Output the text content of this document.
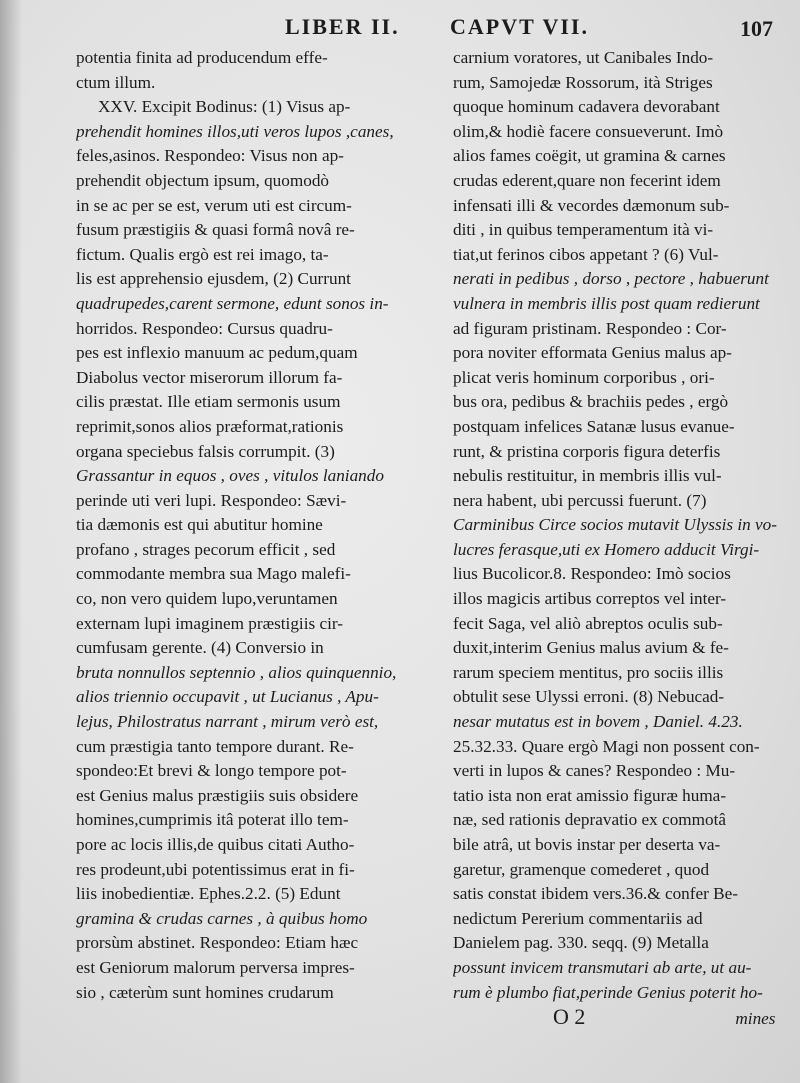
LIBER II. CAPVT VII.	107
potentia finita ad producendum effe-
ctum illum.
XXV. Excipit Bodinus: (1) Visus ap-
prehendit homines illos,uti veros lupos ,canes,
feles,asinos. Respondeo: Visus non ap-
prehendit objectum ipsum, quomodò
in se ac per se est, verum uti est circum-
fusum præstigiis & quasi formâ novâ re-
fictum. Qualis ergò est rei imago, ta-
lis est apprehensio ejusdem, (2) Currunt
quadrupedes,carent sermone, edunt sonos in-
horridos. Respondeo: Cursus quadru-
pes est inflexio manuum ac pedum,quam
Diabolus vector miserorum illorum fa-
cilis præstat. Ille etiam sermonis usum
reprimit,sonos alios præformat,rationis
organa speciebus falsis corrumpit. (3)
Grassantur in equos , oves , vitulos laniando
perinde uti veri lupi. Respondeo: Sævi-
tia dæmonis est qui abutitur homine
profano , strages pecorum efficit , sed
commodante membra sua Mago malefi-
co, non vero quidem lupo,veruntamen
externam lupi imaginem præstigiis cir-
cumfusam gerente. (4) Conversio in
bruta nonnullos septennio , alios quinquennio,
alios triennio occupavit , ut Lucianus , Apu-
lejus, Philostratus narrant , mirum verò est,
cum præstigia tanto tempore durant. Re-
spondeo:Et brevi & longo tempore pot-
est Genius malus præstigiis suis obsidere
homines,cumprimis itâ poterat illo tem-
pore ac locis illis,de quibus citati Autho-
res prodeunt,ubi potentissimus erat in fi-
liis inobedientiæ. Ephes.2.2. (5) Edunt
gramina & crudas carnes , à quibus homo
prorsùm abstinet. Respondeo: Etiam hæc
est Geniorum malorum perversa impres-
sio , cæterùm sunt homines crudarum
carnium voratores, ut Canibales Indo-
rum, Samojedæ Rossorum, ità Striges
quoque hominum cadavera devorabant
olim,& hodiè facere consueverunt. Imò
alios fames coëgit, ut gramina & carnes
crudas ederent,quare non fecerint idem
infensati illi & vecordes dæmonum sub-
diti , in quibus temperamentum ità vi-
tiat,ut ferinos cibos appetant ? (6) Vul-
nerati in pedibus , dorso , pectore , habuerunt
vulnera in membris illis post quam redierunt
ad figuram pristinam. Respondeo : Cor-
pora noviter efformata Genius malus ap-
plicat veris hominum corporibus , ori-
bus ora, pedibus & brachiis pedes , ergò
postquam infelices Satanæ lusus evanue-
runt, & pristina corporis figura deterfis
nebulis restituitur, in membris illis vul-
nera habent, ubi percussi fuerunt. (7)
Carminibus Circe socios mutavit Ulyssis in vo-
lucres ferasque,uti ex Homero adducit Virgi-
lius Bucolicor.8. Respondeo: Imò socios
illos magicis artibus correptos vel inter-
fecit Saga, vel aliò abreptos oculis sub-
duxit,interim Genius malus avium & fe-
rarum speciem mentitus, pro sociis illis
obtulit sese Ulyssi erroni. (8) Nebucad-
nesar mutatus est in bovem , Daniel. 4.23.
25.32.33. Quare ergò Magi non possent con-
verti in lupos & canes? Respondeo : Mu-
tatio ista non erat amissio figuræ huma-
næ, sed rationis depravatio ex commotâ
bile atrâ, ut bovis instar per deserta va-
garetur, gramenque comederet , quod
satis constat ibidem vers.36.& confer Be-
nedictum Pererium commentariis ad
Danielem pag. 330. seqq. (9) Metalla
possunt invicem transmutari ab arte, ut au-
rum è plumbo fiat,perinde Genius poterit ho-
O 2	mines
